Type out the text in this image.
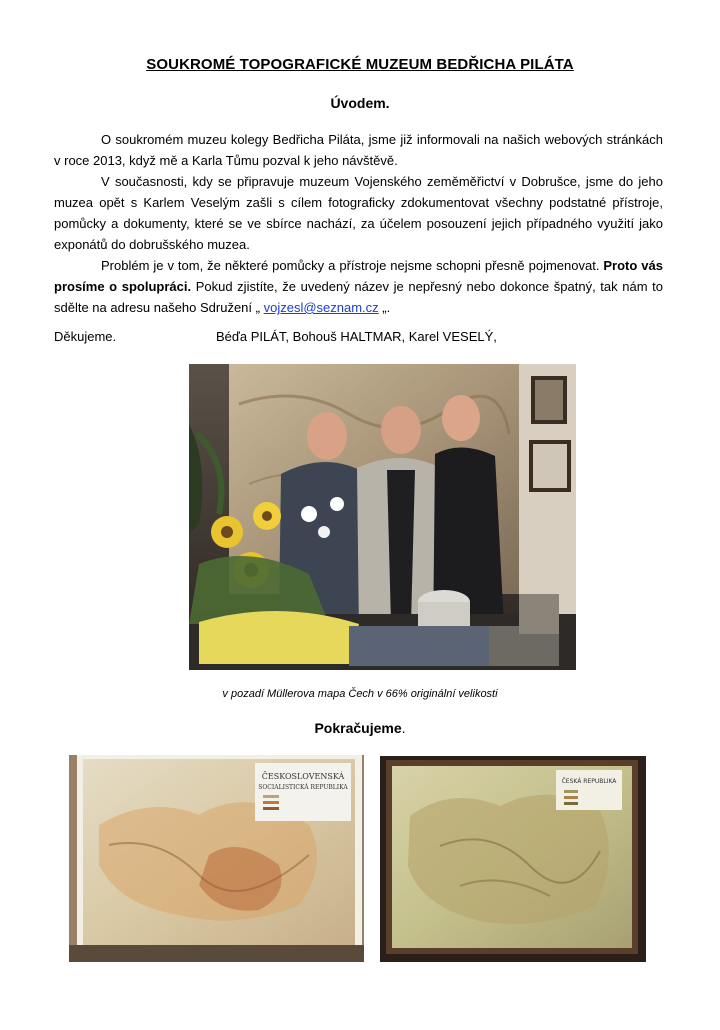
SOUKROMÉ TOPOGRAFICKÉ MUZEUM BEDŘICHA PILÁTA
Úvodem.

O soukromém muzeu kolegy Bedřicha Piláta, jsme již informovali na našich webových stránkách v roce 2013, když mě a Karla Tůmu pozval k jeho návštěvě.

V současnosti, kdy se připravuje muzeum Vojenského zeměměřictví v Dobrušce, jsme do jeho muzea opět s Karlem Veselým zašli s cílem fotograficky zdokumentovat všechny podstatné přístroje, pomůcky a dokumenty, které se ve sbírce nachází, za účelem posouzení jejich případného využití jako exponátů do dobrušského muzea.

Problém je v tom, že některé pomůcky a přístroje nejsme schopni přesně pojmenovat. Proto vás prosíme o spolupráci. Pokud zjistíte, že uvedený název je nepřesný nebo dokonce špatný, tak nám to sdělte na adresu našeho Sdružení „ vojzesl@seznam.cz „.

Děkujeme.	Béďa PILÁT, Bohouš HALTMAR, Karel VESELÝ,
v pozadí Müllerova mapa Čech v 66% originální velikosti
Pokračujeme.
ČESKOSLOVENSKÁ
SOCIALISTICKÁ REPUBLIKA
ČESKÁ REPUBLIKA
